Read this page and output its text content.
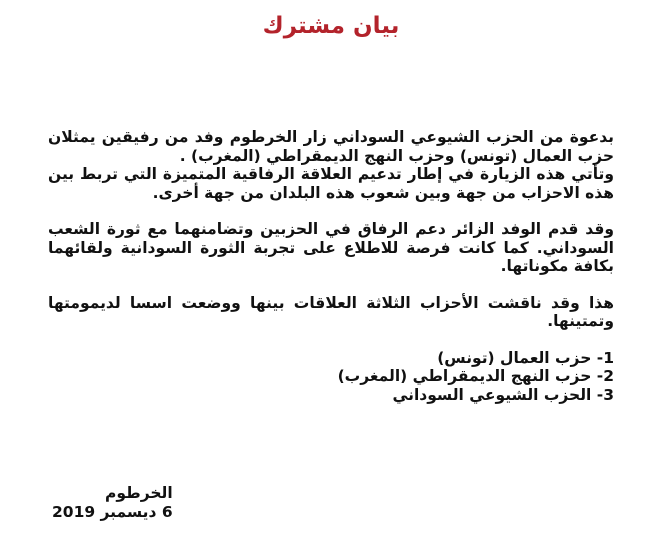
بيان مشترك

بدعوة من الحزب الشيوعي السوداني زار الخرطوم وفد من رفيقين يمثلان حزب العمال (تونس) وحزب النهج الديمقراطي (المغرب) .

وتأتي هذه الزيارة في إطار تدعيم العلاقة الرفاقية المتميزة التي تربط بين هذه الاحزاب من جهة وبين شعوب هذه البلدان من جهة أخرى.

وقد قدم الوفد الزائر دعم الرفاق في الحزبين وتضامنهما مع ثورة الشعب السوداني. كما كانت فرصة للاطلاع على تجربة الثورة السودانية ولقائهما بكافة مكوناتها.

هذا وقد ناقشت الأحزاب الثلاثة العلاقات بينها ووضعت اسسا لديمومتها وتمتينها.

1- حزب العمال (تونس)

2- حزب النهج الديمقراطي (المغرب)

3- الحزب الشيوعي السوداني

الخرطوم
6 ديسمبر 2019
